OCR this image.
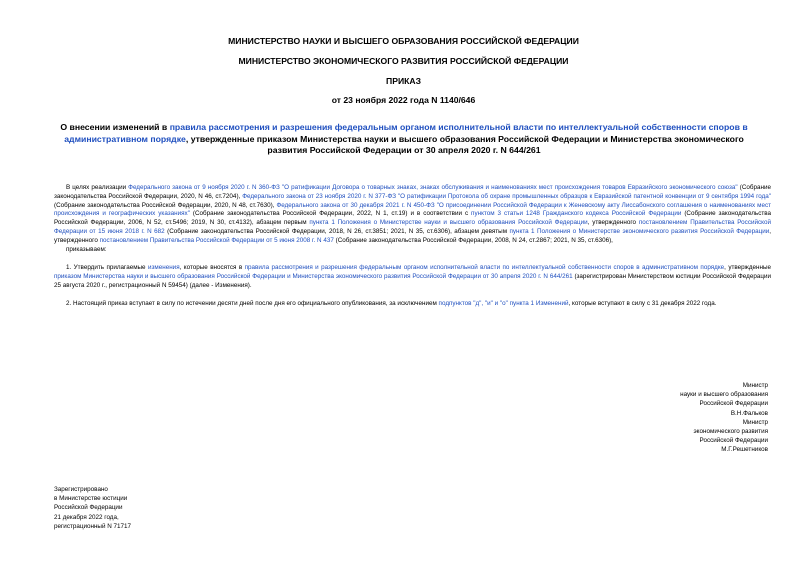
МИНИСТЕРСТВО НАУКИ И ВЫСШЕГО ОБРАЗОВАНИЯ РОССИЙСКОЙ ФЕДЕРАЦИИ
МИНИСТЕРСТВО ЭКОНОМИЧЕСКОГО РАЗВИТИЯ РОССИЙСКОЙ ФЕДЕРАЦИИ
ПРИКАЗ
от 23 ноября 2022 года N 1140/646
О внесении изменений в правила рассмотрения и разрешения федеральным органом исполнительной власти по интеллектуальной собственности споров в административном порядке, утвержденные приказом Министерства науки и высшего образования Российской Федерации и Министерства экономического развития Российской Федерации от 30 апреля 2020 г. N 644/261

В целях реализации Федерального закона от 9 ноября 2020 г. N 360-ФЗ "О ратификации Договора о товарных знаках, знаках обслуживания и наименованиях мест происхождения товаров Евразийского экономического союза" (Собрание законодательства Российской Федерации, 2020, N 46, ст.7204), Федерального закона от 23 ноября 2020 г. N 377-ФЗ "О ратификации Протокола об охране промышленных образцов к Евразийской патентной конвенции от 9 сентября 1994 года" (Собрание законодательства Российской Федерации, 2020, N 48, ст.7630), Федерального закона от 30 декабря 2021 г. N 450-ФЗ "О присоединении Российской Федерации к Женевскому акту Лиссабонского соглашения о наименованиях мест происхождения и географических указаниях" (Собрание законодательства Российской Федерации, 2022, N 1, ст.19) и в соответствии с пунктом 3 статьи 1248 Гражданского кодекса Российской Федерации (Собрание законодательства Российской Федерации, 2006, N 52, ст.5496; 2019, N 30, ст.4132), абзацем первым пункта 1 Положения о Министерстве науки и высшего образования Российской Федерации, утвержденного постановлением Правительства Российской Федерации от 15 июня 2018 г. N 682 (Собрание законодательства Российской Федерации, 2018, N 26, ст.3851; 2021, N 35, ст.6306), абзацем девятым пункта 1 Положения о Министерстве экономического развития Российской Федерации, утвержденного постановлением Правительства Российской Федерации от 5 июня 2008 г. N 437 (Собрание законодательства Российской Федерации, 2008, N 24, ст.2867; 2021, N 35, ст.6306),

приказываем:

1. Утвердить прилагаемые изменения, которые вносятся в правила рассмотрения и разрешения федеральным органом исполнительной власти по интеллектуальной собственности споров в административном порядке, утвержденные приказом Министерства науки и высшего образования Российской Федерации и Министерства экономического развития Российской Федерации от 30 апреля 2020 г. N 644/261 (зарегистрирован Министерством юстиции Российской Федерации 25 августа 2020 г., регистрационный N 59454) (далее - Изменения).

2. Настоящий приказ вступает в силу по истечении десяти дней после дня его официального опубликования, за исключением подпунктов "д", "и" и "о" пункта 1 Изменений, которые вступают в силу с 31 декабря 2022 года.

Министр
науки и высшего образования
Российской Федерации
В.Н.Фальков
Министр
экономического развития
Российской Федерации
М.Г.Решетников
Зарегистрировано
в Министерстве юстиции
Российской Федерации
21 декабря 2022 года,
регистрационный N 71717
